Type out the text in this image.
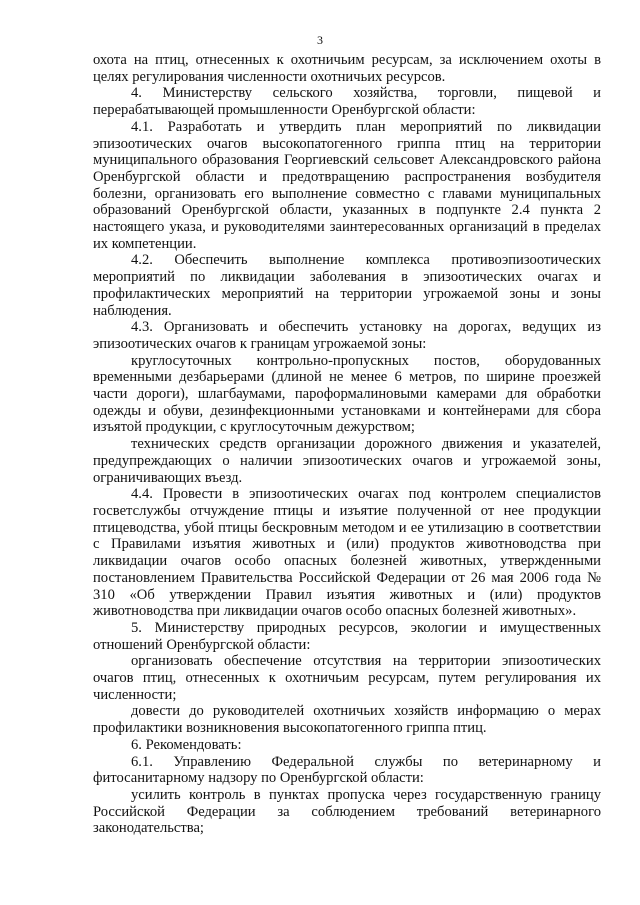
3

охота на птиц, отнесенных к охотничьим ресурсам, за исключением охоты в целях регулирования численности охотничьих ресурсов.

4. Министерству сельского хозяйства, торговли, пищевой и перерабатывающей промышленности Оренбургской области:

4.1. Разработать и утвердить план мероприятий по ликвидации эпизоотических очагов высокопатогенного гриппа птиц на территории муниципального образования Георгиевский сельсовет Александровского района Оренбургской области и предотвращению распространения возбудителя болезни, организовать его выполнение совместно с главами муниципальных образований Оренбургской области, указанных в подпункте 2.4 пункта 2 настоящего указа, и руководителями заинтересованных организаций в пределах их компетенции.

4.2. Обеспечить выполнение комплекса противоэпизоотических мероприятий по ликвидации заболевания в эпизоотических очагах и профилактических мероприятий на территории угрожаемой зоны и зоны наблюдения.

4.3. Организовать и обеспечить установку на дорогах, ведущих из эпизоотических очагов к границам угрожаемой зоны:

круглосуточных контрольно-пропускных постов, оборудованных временными дезбарьерами (длиной не менее 6 метров, по ширине проезжей части дороги), шлагбаумами, пароформалиновыми камерами для обработки одежды и обуви, дезинфекционными установками и контейнерами для сбора изъятой продукции, с круглосуточным дежурством;

технических средств организации дорожного движения и указателей, предупреждающих о наличии эпизоотических очагов и угрожаемой зоны, ограничивающих въезд.

4.4. Провести в эпизоотических очагах под контролем специалистов госветслужбы отчуждение птицы и изъятие полученной от нее продукции птицеводства, убой птицы бескровным методом и ее утилизацию в соответствии с Правилами изъятия животных и (или) продуктов животноводства при ликвидации очагов особо опасных болезней животных, утвержденными постановлением Правительства Российской Федерации от 26 мая 2006 года № 310 «Об утверждении Правил изъятия животных и (или) продуктов животноводства при ликвидации очагов особо опасных болезней животных».

5. Министерству природных ресурсов, экологии и имущественных отношений Оренбургской области:

организовать обеспечение отсутствия на территории эпизоотических очагов птиц, отнесенных к охотничьим ресурсам, путем регулирования их численности;

довести до руководителей охотничьих хозяйств информацию о мерах профилактики возникновения высокопатогенного гриппа птиц.

6. Рекомендовать:

6.1. Управлению Федеральной службы по ветеринарному и фитосанитарному надзору по Оренбургской области:

усилить контроль в пунктах пропуска через государственную границу Российской Федерации за соблюдением требований ветеринарного законодательства;
